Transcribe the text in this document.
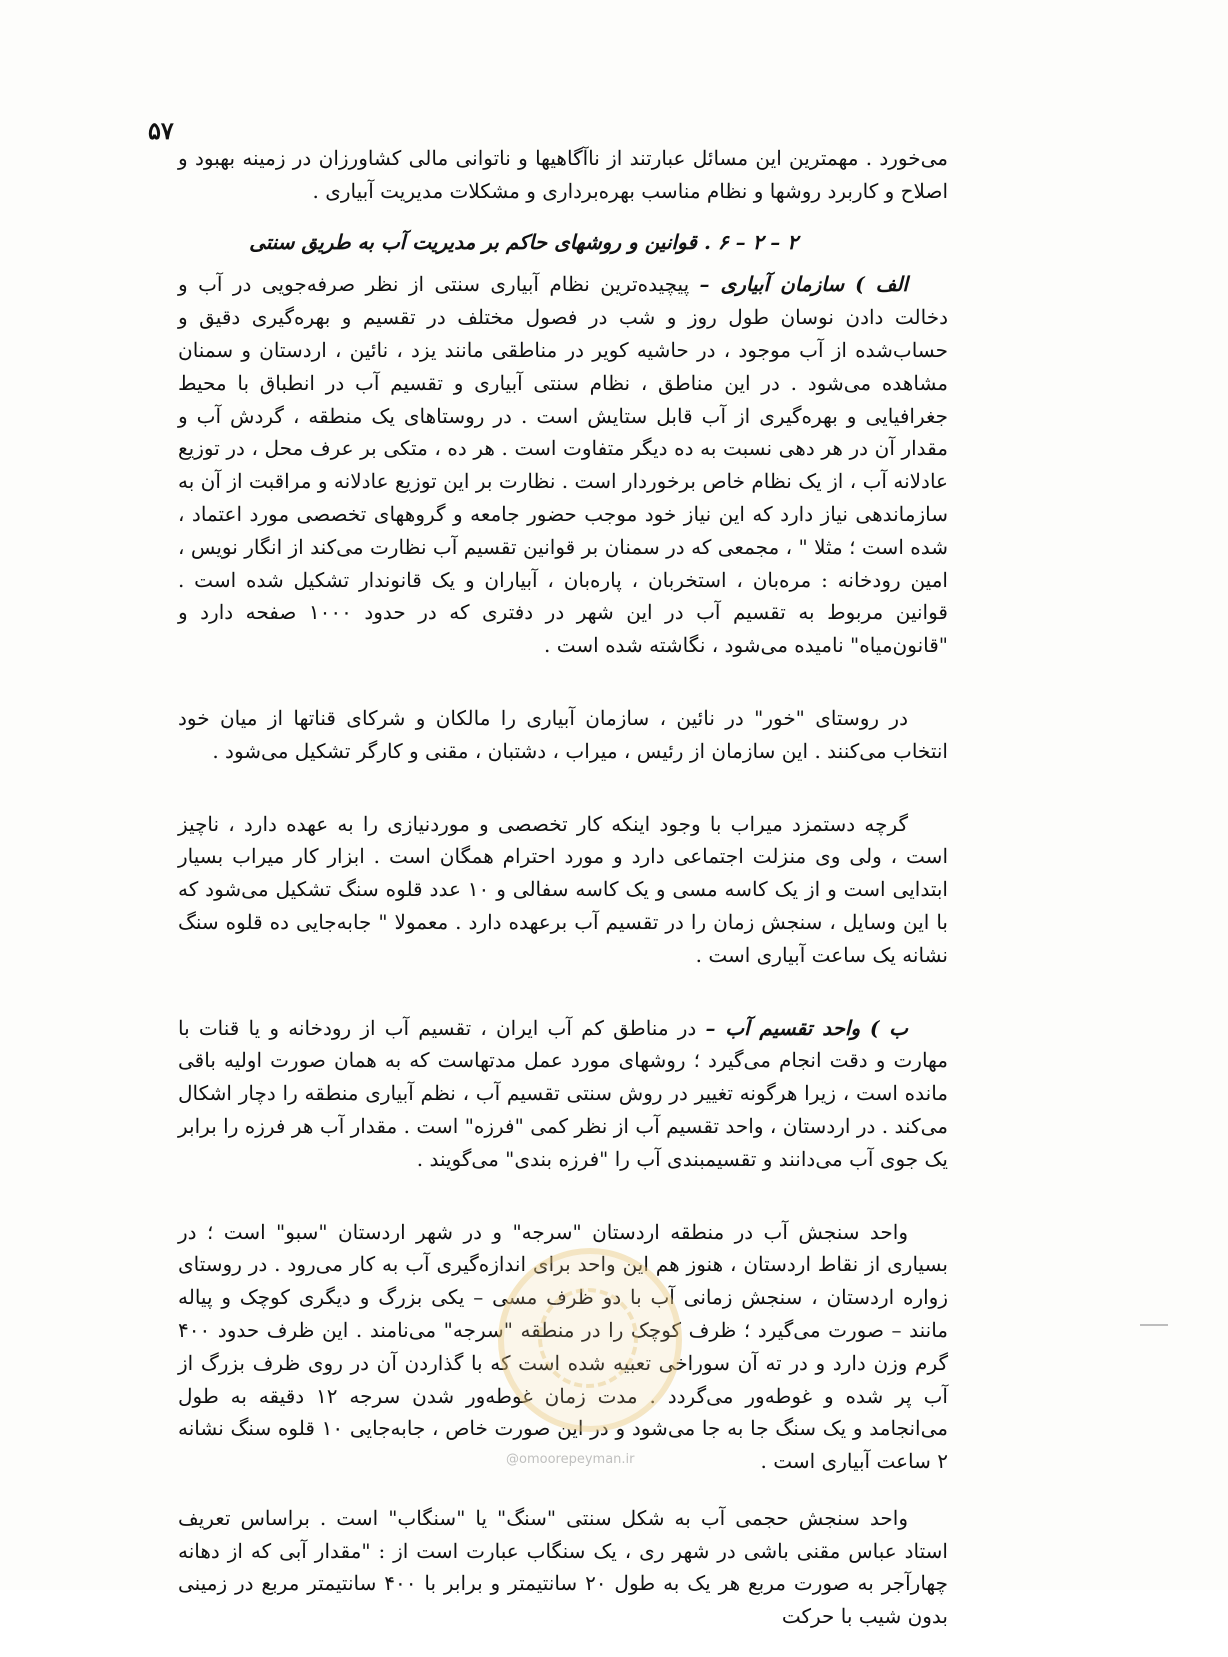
۵۷

می‌خورد . مهمترین این مسائل عبارتند از ناآگاهیها و ناتوانی مالی کشاورزان در زمینه بهبود و اصلاح و کاربرد روشها و نظام مناسب بهره‌برداری و مشکلات مدیریت آبیاری .

۲ – ۲ – ۶ . قوانین و روشهای حاکم بر مدیریت آب به طریق سنتی

الف ) سازمان آبیاری – پیچیده‌ترین نظام آبیاری سنتی از نظر صرفه‌جویی در آب و دخالت دادن نوسان طول روز و شب در فصول مختلف در تقسیم و بهره‌گیری دقیق و حساب‌شده از آب موجود ، در حاشیه کویر در مناطقی مانند یزد ، نائین ، اردستان و سمنان مشاهده می‌شود . در این مناطق ، نظام سنتی آبیاری و تقسیم آب در انطباق با محیط جغرافیایی و بهره‌گیری از آب قابل ستایش است . در روستاهای یک منطقه ، گردش آب و مقدار آن در هر دهی نسبت به ده دیگر متفاوت است . هر ده ، متکی بر عرف محل ، در توزیع عادلانه آب ، از یک نظام خاص برخوردار است . نظارت بر این توزیع عادلانه و مراقبت از آن به سازماندهی نیاز دارد که این نیاز خود موجب حضور جامعه و گروههای تخصصی مورد اعتماد ، شده است ؛ مثلا " ، مجمعی که در سمنان بر قوانین تقسیم آب نظارت می‌کند از انگار نویس ، امین رودخانه : مره‌بان ، استخربان ، پاره‌بان ، آبیاران و یک قانوندار تشکیل شده است . قوانین مربوط به تقسیم آب در این شهر در دفتری که در حدود ۱۰۰۰ صفحه دارد و "قانون‌میاه" نامیده می‌شود ، نگاشته شده است .

در روستای "خور" در نائین ، سازمان آبیاری را مالکان و شرکای قناتها از میان خود انتخاب می‌کنند . این سازمان از رئیس ، میراب ، دشتبان ، مقنی و کارگر تشکیل می‌شود .

گرچه دستمزد میراب با وجود اینکه کار تخصصی و موردنیازی را به عهده دارد ، ناچیز است ، ولی وی منزلت اجتماعی دارد و مورد احترام همگان است . ابزار کار میراب بسیار ابتدایی است و از یک کاسه مسی و یک کاسه سفالی و ۱۰ عدد قلوه سنگ تشکیل می‌شود که با این وسایل ، سنجش زمان را در تقسیم آب برعهده دارد . معمولا " جابه‌جایی ده قلوه سنگ نشانه یک ساعت آبیاری است .

ب ) واحد تقسیم آب – در مناطق کم آب ایران ، تقسیم آب از رودخانه و یا قنات با مهارت و دقت انجام می‌گیرد ؛ روشهای مورد عمل مدتهاست که به همان صورت اولیه باقی مانده است ، زیرا هرگونه تغییر در روش سنتی تقسیم آب ، نظم آبیاری منطقه را دچار اشکال می‌کند . در اردستان ، واحد تقسیم آب از نظر کمی "فرزه" است . مقدار آب هر فرزه را برابر یک جوی آب می‌دانند و تقسیمبندی آب را "فرزه بندی" می‌گویند .

واحد سنجش آب در منطقه اردستان "سرجه" و در شهر اردستان "سبو" است ؛ در بسیاری از نقاط اردستان ، هنوز هم این واحد برای اندازه‌گیری آب به کار می‌رود . در روستای زواره اردستان ، سنجش زمانی آب با دو ظرف مسی – یکی بزرگ و دیگری کوچک و پیاله مانند – صورت می‌گیرد ؛ ظرف کوچک را در منطقه "سرجه" می‌نامند . این ظرف حدود ۴۰۰ گرم وزن دارد و در ته آن سوراخی تعبیه شده است که با گذاردن آن در روی ظرف بزرگ از آب پر شده و غوطه‌ور می‌گردد . مدت زمان غوطه‌ور شدن سرجه ۱۲ دقیقه به طول می‌انجامد و یک سنگ جا به جا می‌شود و در این صورت خاص ، جابه‌جایی ۱۰ قلوه سنگ نشانه ۲ ساعت آبیاری است .

واحد سنجش حجمی آب به شکل سنتی "سنگ" یا "سنگاب" است . براساس تعریف استاد عباس مقنی باشی در شهر ری ، یک سنگاب عبارت است از : "مقدار آبی که از دهانه چهارآجر به صورت مربع هر یک به طول ۲۰ سانتیمتر و برابر با ۴۰۰ سانتیمتر مربع در زمینی بدون شیب با حرکت

@omoorepeyman.ir
